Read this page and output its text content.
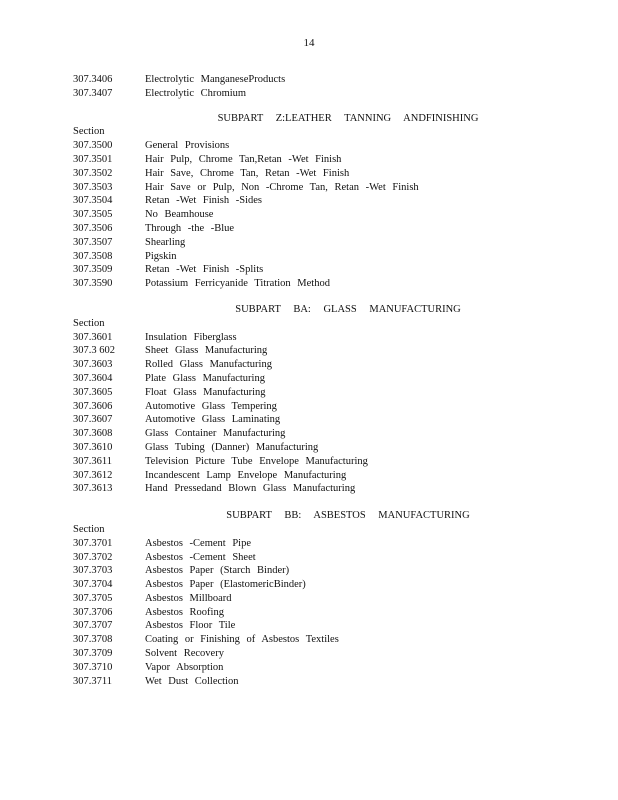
14
307.3406	Electrolytic ManganeseProducts
307.3407	Electrolytic Chromium
SUBPART Z:LEATHER TANNING ANDFINISHING
Section
307.3500	General Provisions
307.3501	Hair Pulp, Chrome Tan,Retan -Wet Finish
307.3502	Hair Save, Chrome Tan, Retan -Wet Finish
307.3503	Hair Save or Pulp, Non -Chrome Tan, Retan -Wet Finish
307.3504	Retan -Wet Finish -Sides
307.3505	No Beamhouse
307.3506	Through -the -Blue
307.3507	Shearling
307.3508	Pigskin
307.3509	Retan -Wet Finish -Splits
307.3590	Potassium Ferricyanide Titration Method
SUBPART BA: GLASS MANUFACTURING
Section
307.3601	Insulation Fiberglass
307.3 602	Sheet Glass Manufacturing
307.3603	Rolled Glass Manufacturing
307.3604	Plate Glass Manufacturing
307.3605	Float Glass Manufacturing
307.3606	Automotive Glass Tempering
307.3607	Automotive Glass Laminating
307.3608	Glass Container Manufacturing
307.3610	Glass Tubing (Danner) Manufacturing
307.3611	Television Picture Tube Envelope Manufacturing
307.3612	Incandescent Lamp Envelope Manufacturing
307.3613	Hand Pressedand Blown Glass Manufacturing
SUBPART BB: ASBESTOS MANUFACTURING
Section
307.3701	Asbestos -Cement Pipe
307.3702	Asbestos -Cement Sheet
307.3703	Asbestos Paper (Starch Binder)
307.3704	Asbestos Paper (ElastomericBinder)
307.3705	Asbestos Millboard
307.3706	Asbestos Roofing
307.3707	Asbestos Floor Tile
307.3708	Coating or Finishing of Asbestos Textiles
307.3709	Solvent Recovery
307.3710	Vapor Absorption
307.3711	Wet Dust Collection
